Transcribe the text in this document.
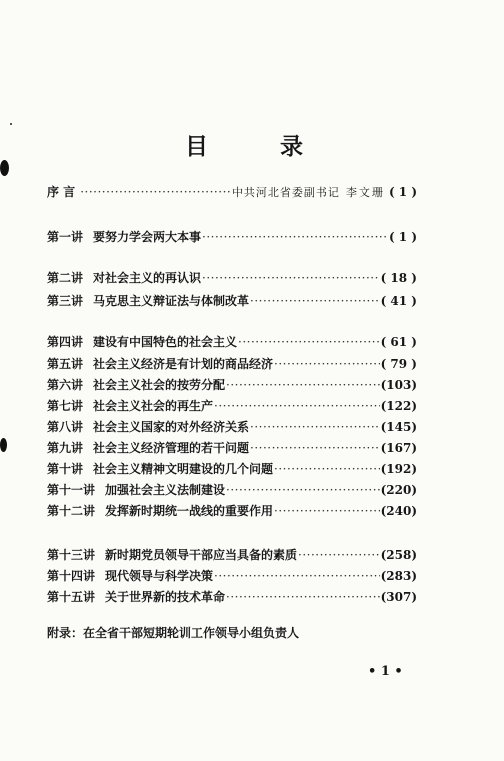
目 录
序 言 ·····	中共河北省委副书记 李文珊 ( 1 )
第一讲 要努力学会两大本事 ·····	( 1 )
第二讲 对社会主义的再认识 ·····	( 18 )
第三讲 马克思主义辩证法与体制改革 ·····	( 41 )
第四讲 建设有中国特色的社会主义 ·····	( 61 )
第五讲 社会主义经济是有计划的商品经济 ·····	( 79 )
第六讲 社会主义社会的按劳分配 ·····	(103)
第七讲 社会主义社会的再生产 ·····	(122)
第八讲 社会主义国家的对外经济关系 ·····	(145)
第九讲 社会主义经济管理的若干问题 ·····	(167)
第十讲 社会主义精神文明建设的几个问题 ·····	(192)
第十一讲 加强社会主义法制建设 ·····	(220)
第十二讲 发挥新时期统一战线的重要作用 ·····	(240)
第十三讲 新时期党员领导干部应当具备的素质 ·····	(258)
第十四讲 现代领导与科学决策 ·····	(283)
第十五讲 关于世界新的技术革命 ·····	(307)
附录：在全省干部短期轮训工作领导小组负责人
• 1 •
